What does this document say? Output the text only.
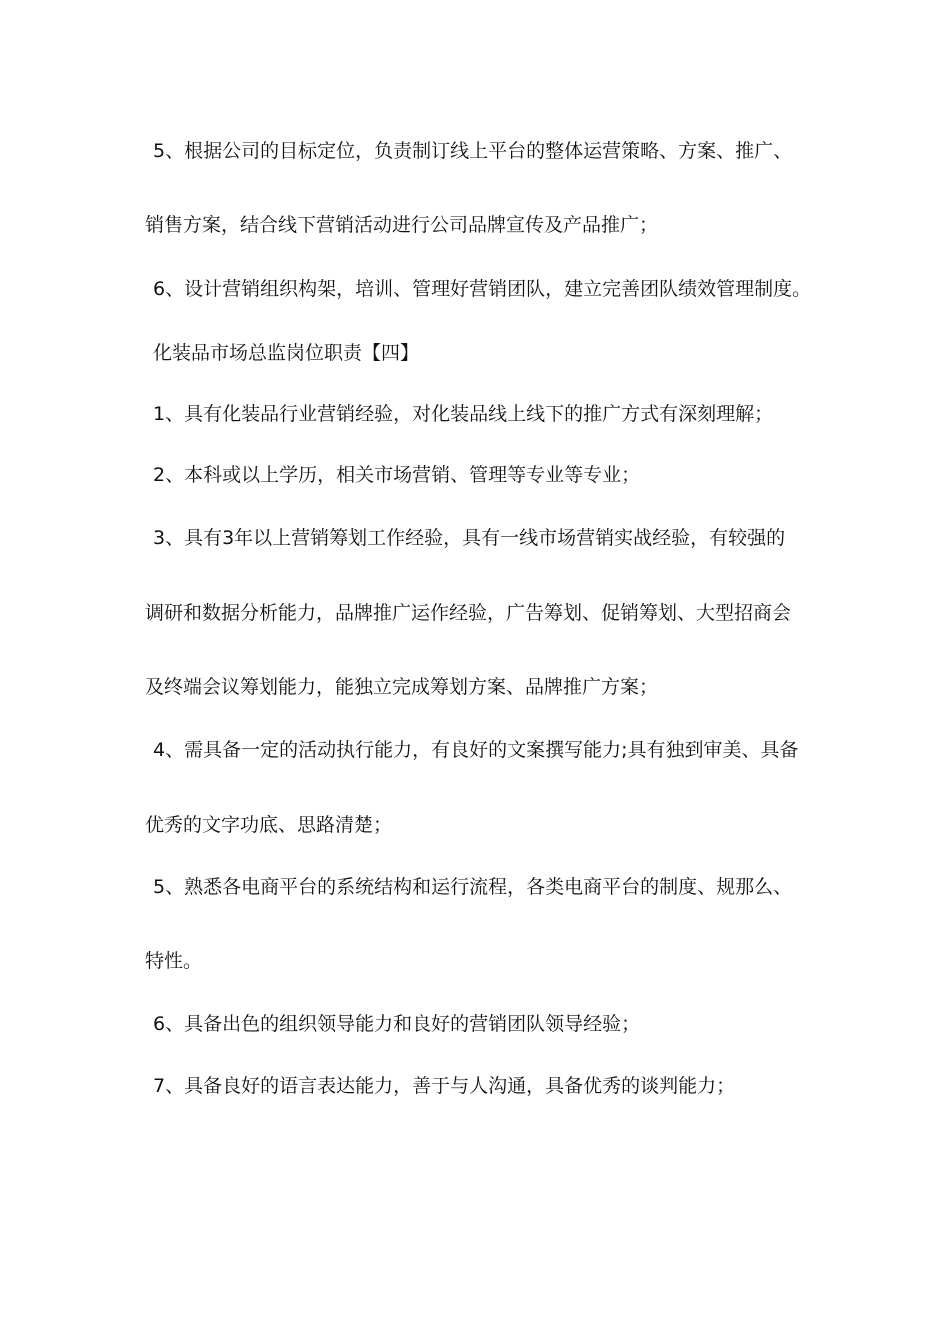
5、根据公司的目标定位，负责制订线上平台的整体运营策略、方案、推广、
销售方案，结合线下营销活动进行公司品牌宣传及产品推广；
6、设计营销组织构架，培训、管理好营销团队，建立完善团队绩效管理制度。
化装品市场总监岗位职责【四】
1、具有化装品行业营销经验，对化装品线上线下的推广方式有深刻理解；
2、本科或以上学历，相关市场营销、管理等专业等专业；
3、具有3年以上营销筹划工作经验，具有一线市场营销实战经验，有较强的
调研和数据分析能力，品牌推广运作经验，广告筹划、促销筹划、大型招商会
及终端会议筹划能力，能独立完成筹划方案、品牌推广方案；
4、需具备一定的活动执行能力，有良好的文案撰写能力;具有独到审美、具备
优秀的文字功底、思路清楚；
5、熟悉各电商平台的系统结构和运行流程，各类电商平台的制度、规那么、
特性。
6、具备出色的组织领导能力和良好的营销团队领导经验；
7、具备良好的语言表达能力，善于与人沟通，具备优秀的谈判能力；
